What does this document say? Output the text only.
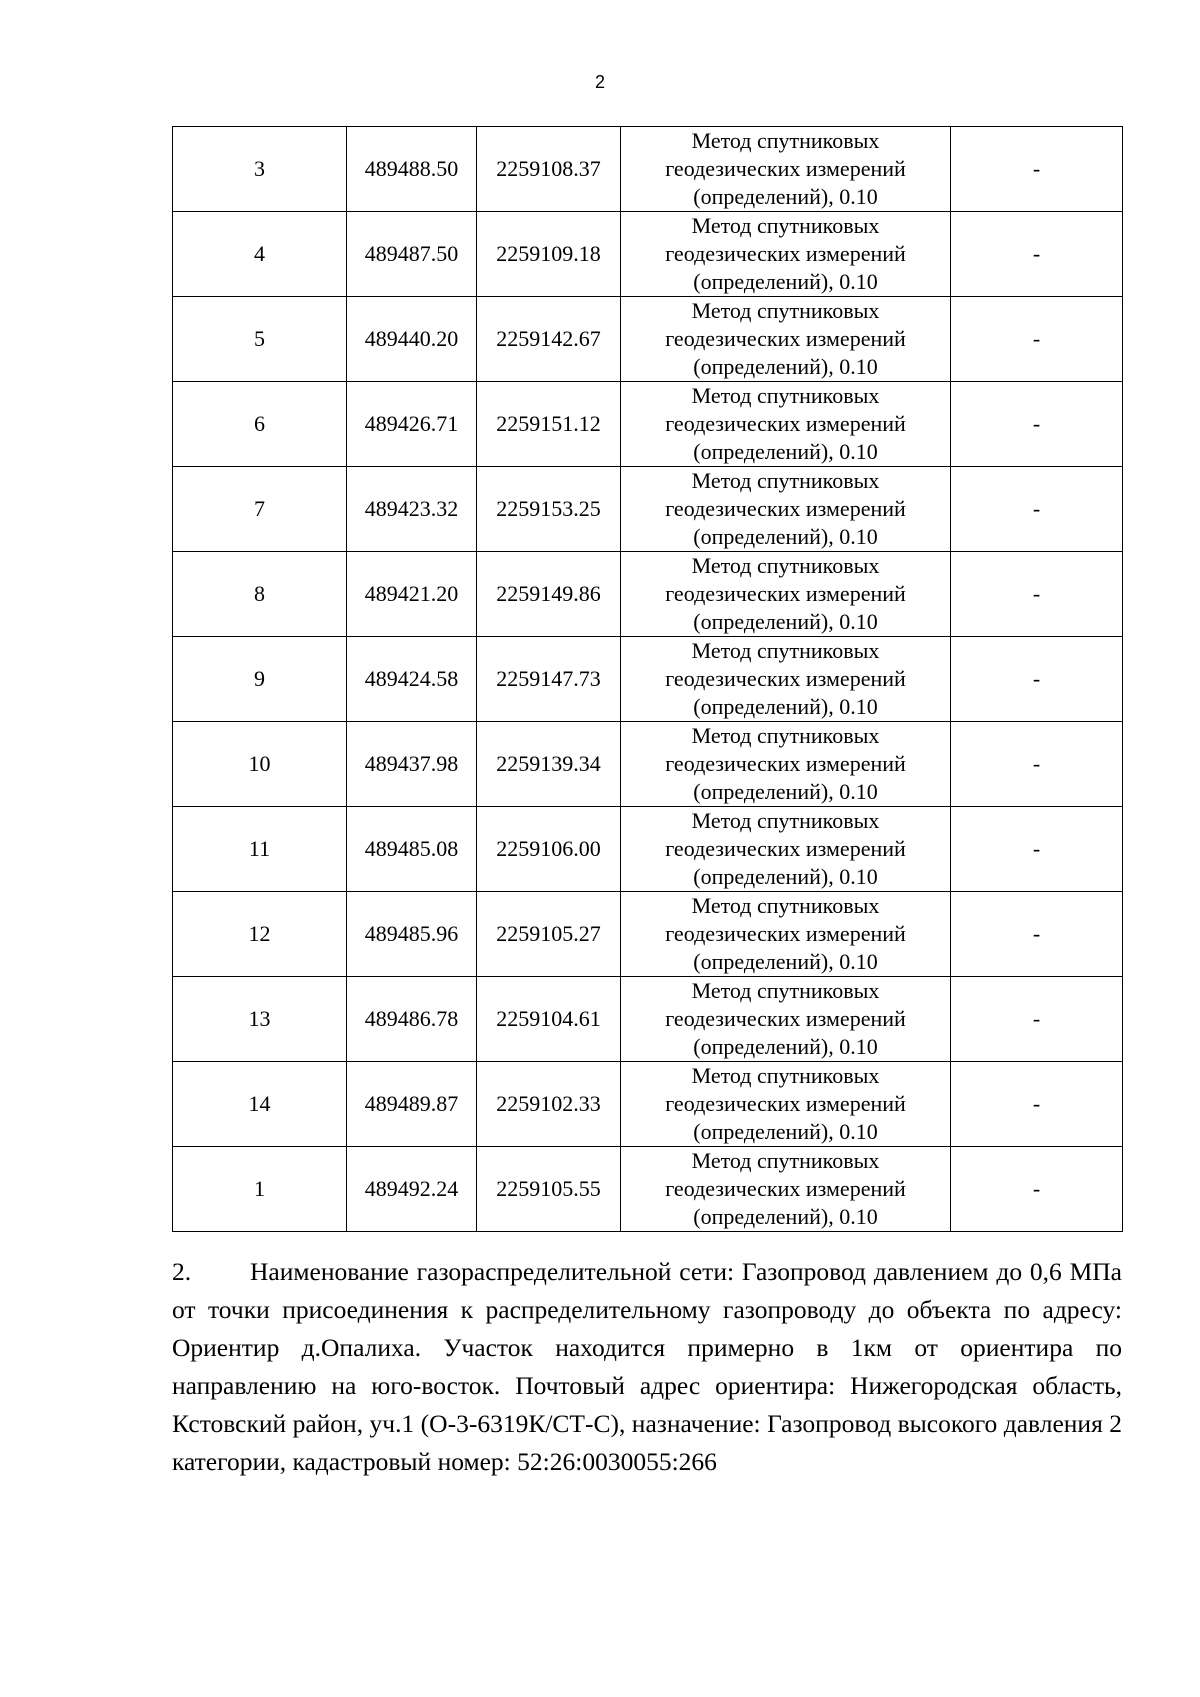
2
3	489488.50	2259108.37	Метод спутниковых
геодезических измерений
(определений), 0.10	-
4	489487.50	2259109.18	Метод спутниковых
геодезических измерений
(определений), 0.10	-
5	489440.20	2259142.67	Метод спутниковых
геодезических измерений
(определений), 0.10	-
6	489426.71	2259151.12	Метод спутниковых
геодезических измерений
(определений), 0.10	-
7	489423.32	2259153.25	Метод спутниковых
геодезических измерений
(определений), 0.10	-
8	489421.20	2259149.86	Метод спутниковых
геодезических измерений
(определений), 0.10	-
9	489424.58	2259147.73	Метод спутниковых
геодезических измерений
(определений), 0.10	-
10	489437.98	2259139.34	Метод спутниковых
геодезических измерений
(определений), 0.10	-
11	489485.08	2259106.00	Метод спутниковых
геодезических измерений
(определений), 0.10	-
12	489485.96	2259105.27	Метод спутниковых
геодезических измерений
(определений), 0.10	-
13	489486.78	2259104.61	Метод спутниковых
геодезических измерений
(определений), 0.10	-
14	489489.87	2259102.33	Метод спутниковых
геодезических измерений
(определений), 0.10	-
1	489492.24	2259105.55	Метод спутниковых
геодезических измерений
(определений), 0.10	-

2. Наименование газораспределительной сети: Газопровод давлением до 0,6 МПа от точки присоединения к распределительному газопроводу до объекта по адресу: Ориентир д.Опалиха. Участок находится примерно в 1км от ориентира по направлению на юго-восток. Почтовый адрес ориентира: Нижегородская область, Кстовский район, уч.1 (О-3-6319К/СТ-С), назначение: Газопровод высокого давления 2 категории, кадастровый номер: 52:26:0030055:266
